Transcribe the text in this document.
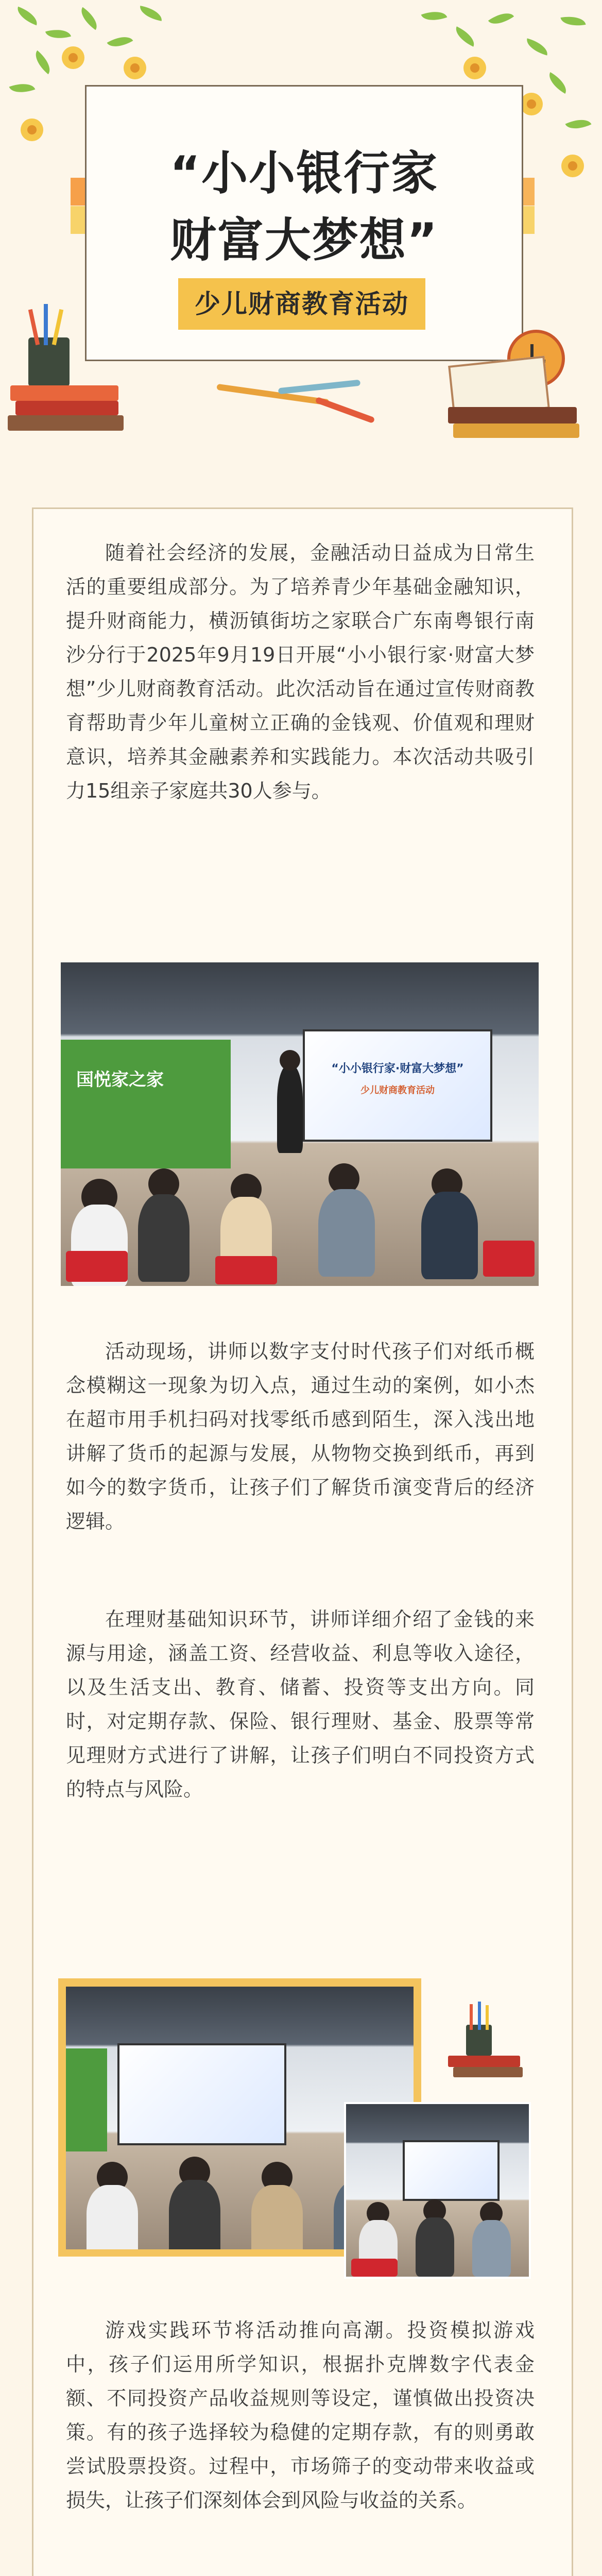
“小小银行家
财富大梦想”
少儿财商教育活动

随着社会经济的发展，金融活动日益成为日常生活的重要组成部分。为了培养青少年基础金融知识，提升财商能力，横沥镇街坊之家联合广东南粤银行南沙分行于2025年9月19日开展“小小银行家·财富大梦想”少儿财商教育活动。此次活动旨在通过宣传财商教育帮助青少年儿童树立正确的金钱观、价值观和理财意识，培养其金融素养和实践能力。本次活动共吸引力15组亲子家庭共30人参与。

国悦家之家
“小小银行家·财富大梦想”
少儿财商教育活动

活动现场，讲师以数字支付时代孩子们对纸币概念模糊这一现象为切入点，通过生动的案例，如小杰在超市用手机扫码对找零纸币感到陌生，深入浅出地讲解了货币的起源与发展，从物物交换到纸币，再到如今的数字货币，让孩子们了解货币演变背后的经济逻辑。

在理财基础知识环节，讲师详细介绍了金钱的来源与用途，涵盖工资、经营收益、利息等收入途径，以及生活支出、教育、储蓄、投资等支出方向。同时，对定期存款、保险、银行理财、基金、股票等常见理财方式进行了讲解，让孩子们明白不同投资方式的特点与风险。

游戏实践环节将活动推向高潮。投资模拟游戏中，孩子们运用所学知识，根据扑克牌数字代表金额、不同投资产品收益规则等设定，谨慎做出投资决策。有的孩子选择较为稳健的定期存款，有的则勇敢尝试股票投资。过程中，市场筛子的变动带来收益或损失，让孩子们深刻体会到风险与收益的关系。
